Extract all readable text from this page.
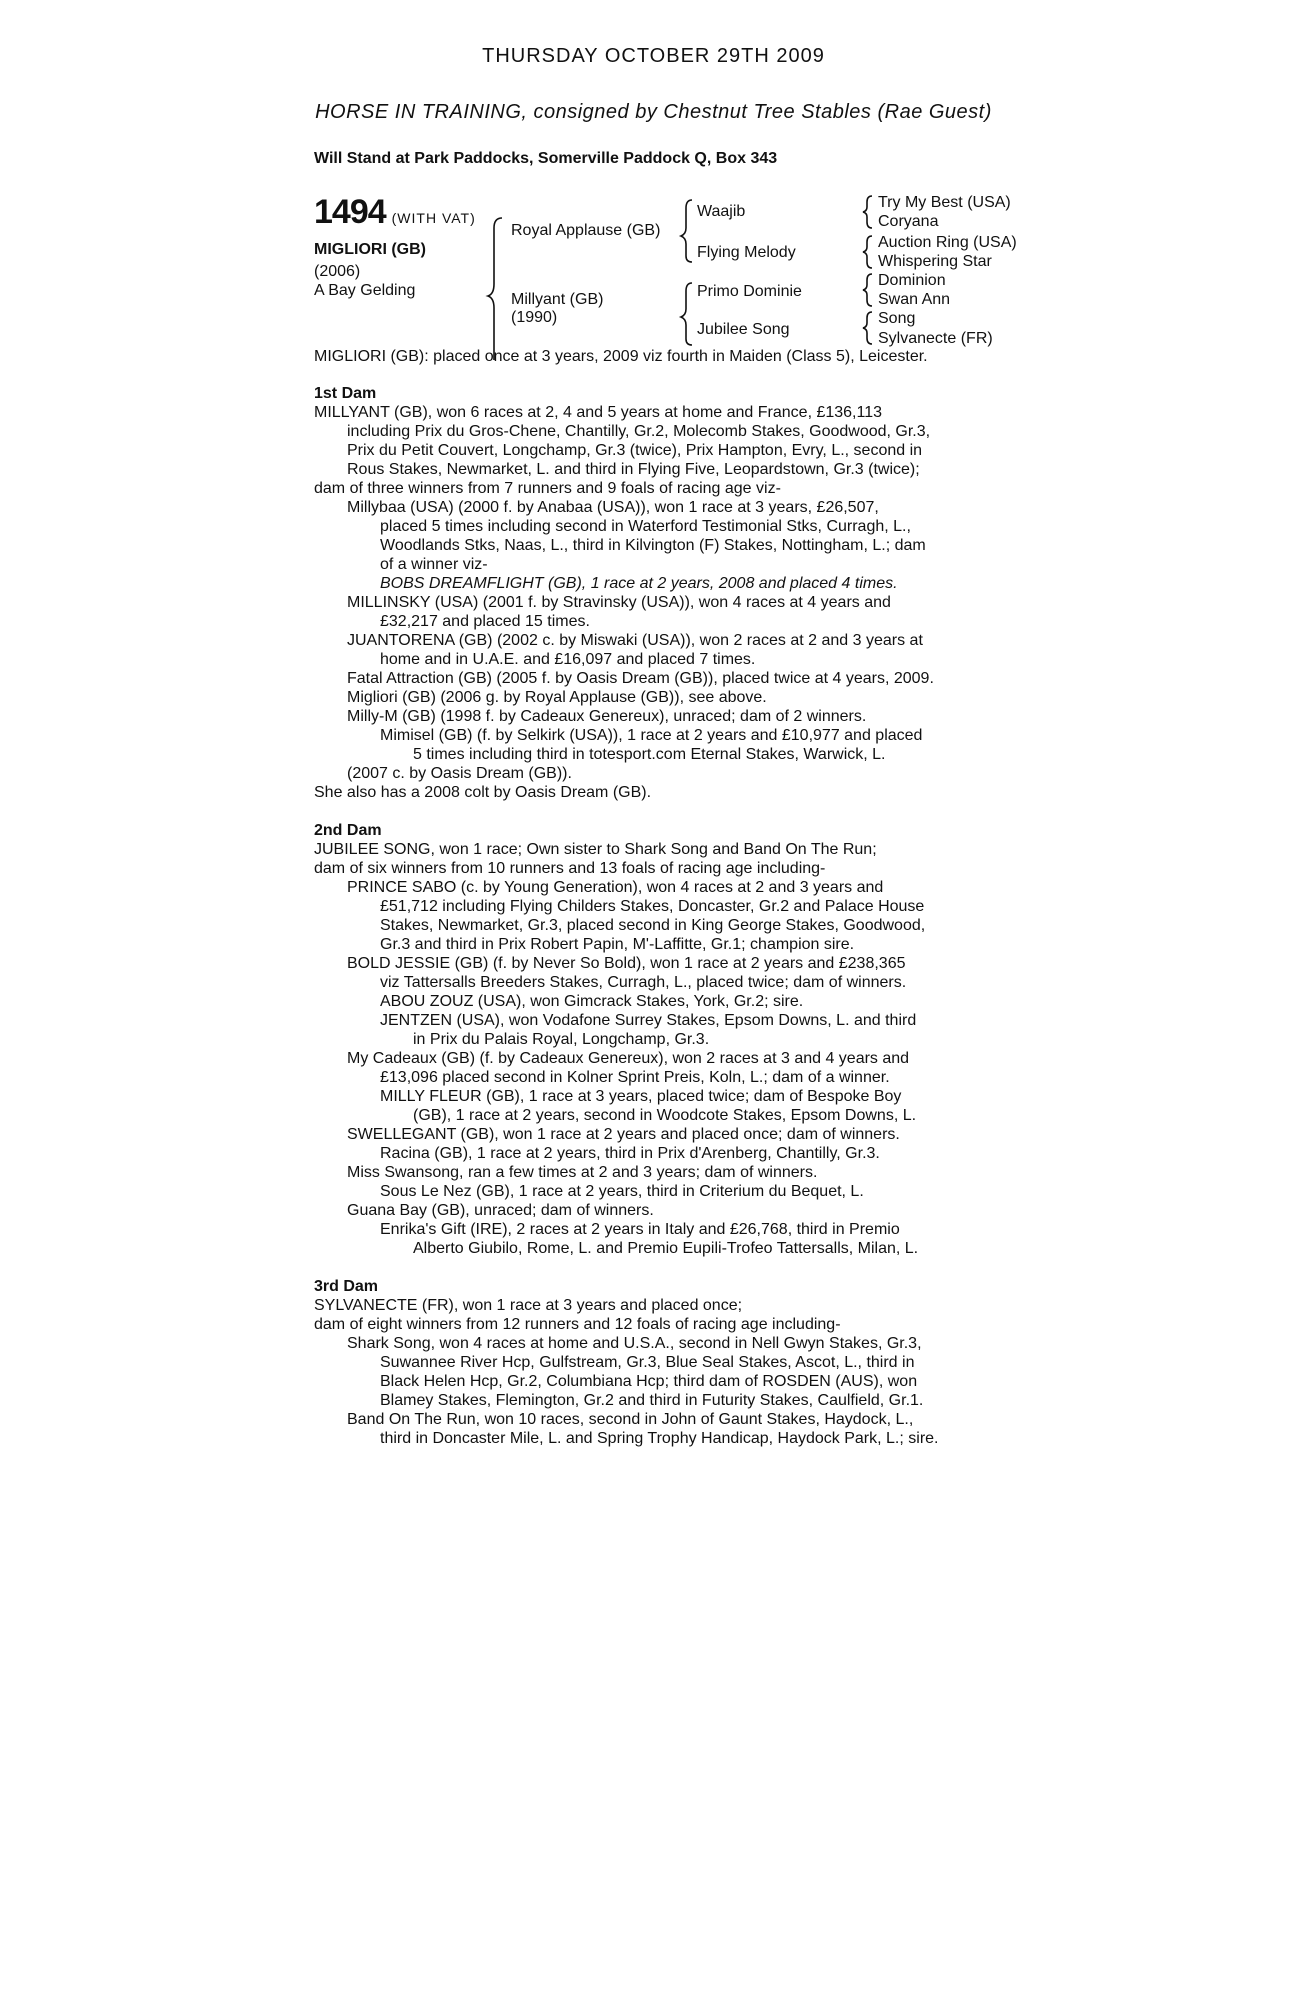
THURSDAY OCTOBER 29TH 2009
HORSE IN TRAINING, consigned by Chestnut Tree Stables (Rae Guest)
Will Stand at Park Paddocks, Somerville Paddock Q, Box 343
1494 (WITH VAT)
MIGLIORI (GB)
(2006)
A Bay Gelding
Royal Applause (GB)
Millyant (GB)
(1990)
Waajib
Flying Melody
Primo Dominie
Jubilee Song
Try My Best (USA)
Coryana
Auction Ring (USA)
Whispering Star
Dominion
Swan Ann
Song
Sylvanecte (FR)
MIGLIORI (GB): placed once at 3 years, 2009 viz fourth in Maiden (Class 5), Leicester.

1st Dam

MILLYANT (GB), won 6 races at 2, 4 and 5 years at home and France, £136,113

including Prix du Gros-Chene, Chantilly, Gr.2, Molecomb Stakes, Goodwood, Gr.3,

Prix du Petit Couvert, Longchamp, Gr.3 (twice), Prix Hampton, Evry, L., second in

Rous Stakes, Newmarket, L. and third in Flying Five, Leopardstown, Gr.3 (twice);

dam of three winners from 7 runners and 9 foals of racing age viz-

Millybaa (USA) (2000 f. by Anabaa (USA)), won 1 race at 3 years, £26,507,

placed 5 times including second in Waterford Testimonial Stks, Curragh, L.,

Woodlands Stks, Naas, L., third in Kilvington (F) Stakes, Nottingham, L.; dam

of a winner viz-

BOBS DREAMFLIGHT (GB), 1 race at 2 years, 2008 and placed 4 times.

MILLINSKY (USA) (2001 f. by Stravinsky (USA)), won 4 races at 4 years and

£32,217 and placed 15 times.

JUANTORENA (GB) (2002 c. by Miswaki (USA)), won 2 races at 2 and 3 years at

home and in U.A.E. and £16,097 and placed 7 times.

Fatal Attraction (GB) (2005 f. by Oasis Dream (GB)), placed twice at 4 years, 2009.

Migliori (GB) (2006 g. by Royal Applause (GB)), see above.

Milly-M (GB) (1998 f. by Cadeaux Genereux), unraced; dam of 2 winners.

Mimisel (GB) (f. by Selkirk (USA)), 1 race at 2 years and £10,977 and placed

5 times including third in totesport.com Eternal Stakes, Warwick, L.

(2007 c. by Oasis Dream (GB)).

She also has a 2008 colt by Oasis Dream (GB).

2nd Dam

JUBILEE SONG, won 1 race; Own sister to Shark Song and Band On The Run;

dam of six winners from 10 runners and 13 foals of racing age including-

PRINCE SABO (c. by Young Generation), won 4 races at 2 and 3 years and

£51,712 including Flying Childers Stakes, Doncaster, Gr.2 and Palace House

Stakes, Newmarket, Gr.3, placed second in King George Stakes, Goodwood,

Gr.3 and third in Prix Robert Papin, M'-Laffitte, Gr.1; champion sire.

BOLD JESSIE (GB) (f. by Never So Bold), won 1 race at 2 years and £238,365

viz Tattersalls Breeders Stakes, Curragh, L., placed twice; dam of winners.

ABOU ZOUZ (USA), won Gimcrack Stakes, York, Gr.2; sire.

JENTZEN (USA), won Vodafone Surrey Stakes, Epsom Downs, L. and third

in Prix du Palais Royal, Longchamp, Gr.3.

My Cadeaux (GB) (f. by Cadeaux Genereux), won 2 races at 3 and 4 years and

£13,096 placed second in Kolner Sprint Preis, Koln, L.; dam of a winner.

MILLY FLEUR (GB), 1 race at 3 years, placed twice; dam of Bespoke Boy

(GB), 1 race at 2 years, second in Woodcote Stakes, Epsom Downs, L.

SWELLEGANT (GB), won 1 race at 2 years and placed once; dam of winners.

Racina (GB), 1 race at 2 years, third in Prix d'Arenberg, Chantilly, Gr.3.

Miss Swansong, ran a few times at 2 and 3 years; dam of winners.

Sous Le Nez (GB), 1 race at 2 years, third in Criterium du Bequet, L.

Guana Bay (GB), unraced; dam of winners.

Enrika's Gift (IRE), 2 races at 2 years in Italy and £26,768, third in Premio

Alberto Giubilo, Rome, L. and Premio Eupili-Trofeo Tattersalls, Milan, L.

3rd Dam

SYLVANECTE (FR), won 1 race at 3 years and placed once;

dam of eight winners from 12 runners and 12 foals of racing age including-

Shark Song, won 4 races at home and U.S.A., second in Nell Gwyn Stakes, Gr.3,

Suwannee River Hcp, Gulfstream, Gr.3, Blue Seal Stakes, Ascot, L., third in

Black Helen Hcp, Gr.2, Columbiana Hcp; third dam of ROSDEN (AUS), won

Blamey Stakes, Flemington, Gr.2 and third in Futurity Stakes, Caulfield, Gr.1.

Band On The Run, won 10 races, second in John of Gaunt Stakes, Haydock, L.,

third in Doncaster Mile, L. and Spring Trophy Handicap, Haydock Park, L.; sire.
